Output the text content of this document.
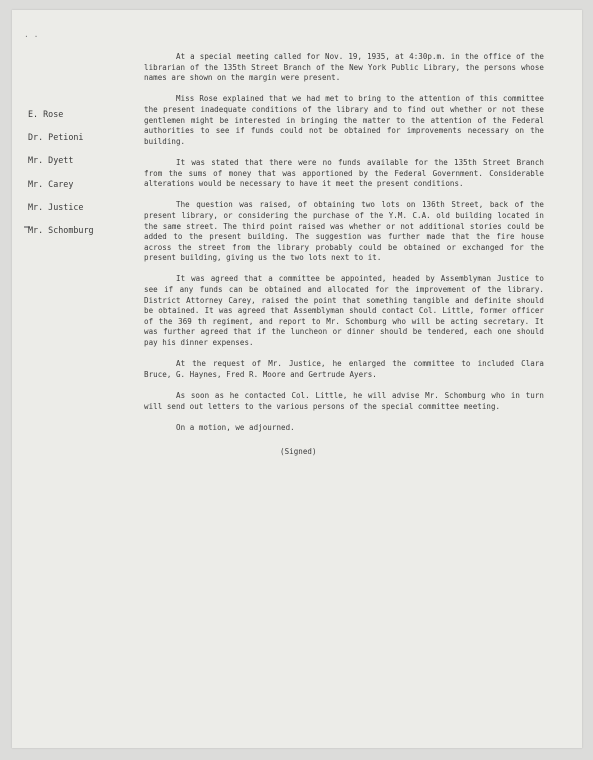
· ·
E. Rose
Dr. Petioni
Mr. Dyett
Mr. Carey
Mr. Justice
Mr. Schomburg

At a special meeting called for Nov. 19, 1935, at 4:30p.m. in the office of the librarian of the 135th Street Branch of the New York Public Library, the persons whose names are shown on the margin were present.

Miss Rose explained that we had met to bring to the attention of this committee the present inadequate conditions of the library and to find out whether or not these gentlemen might be interested in bringing the matter to the attention of the Federal authorities to see if funds could not be obtained for improvements necessary on the building.

It was stated that there were no funds available for the 135th Street Branch from the sums of money that was apportioned by the Federal Government. Considerable alterations would be necessary to have it meet the present conditions.

The question was raised, of obtaining two lots on 136th Street, back of the present library, or considering the purchase of the Y.M. C.A. old building located in the same street. The third point raised was whether or not additional stories could be added to the present building. The suggestion was further made that the fire house across the street from the library probably could be obtained or exchanged for the present building, giving us the two lots next to it.

It was agreed that a committee be appointed, headed by Assemblyman Justice to see if any funds can be obtained and allocated for the improvement of the library. District Attorney Carey, raised the point that something tangible and definite should be obtained. It was agreed that Assemblyman should contact Col. Little, former officer of the 369 th regiment, and report to Mr. Schomburg who will be acting secretary. It was further agreed that if the luncheon or dinner should be tendered, each one should pay his dinner expenses.

At the request of Mr. Justice, he enlarged the committee to included Clara Bruce, G. Haynes, Fred R. Moore and Gertrude Ayers.

As soon as he contacted Col. Little, he will advise Mr. Schomburg who in turn will send out letters to the various persons of the special committee meeting.

On a motion, we adjourned.

(Signed)
